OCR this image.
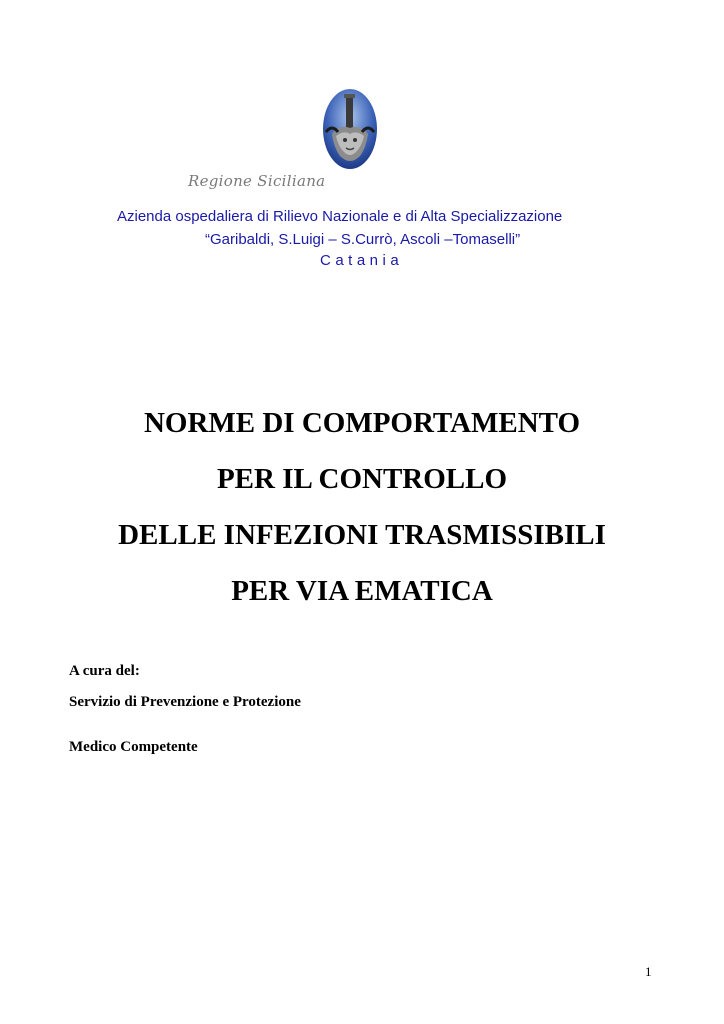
Regione Siciliana
Azienda ospedaliera di Rilievo Nazionale e di Alta Specializzazione
“Garibaldi, S.Luigi – S.Currò, Ascoli –Tomaselli”
Catania
NORME DI COMPORTAMENTO
PER IL CONTROLLO
DELLE INFEZIONI TRASMISSIBILI
PER VIA EMATICA
A cura del:
Servizio di Prevenzione e Protezione
Medico Competente
1
